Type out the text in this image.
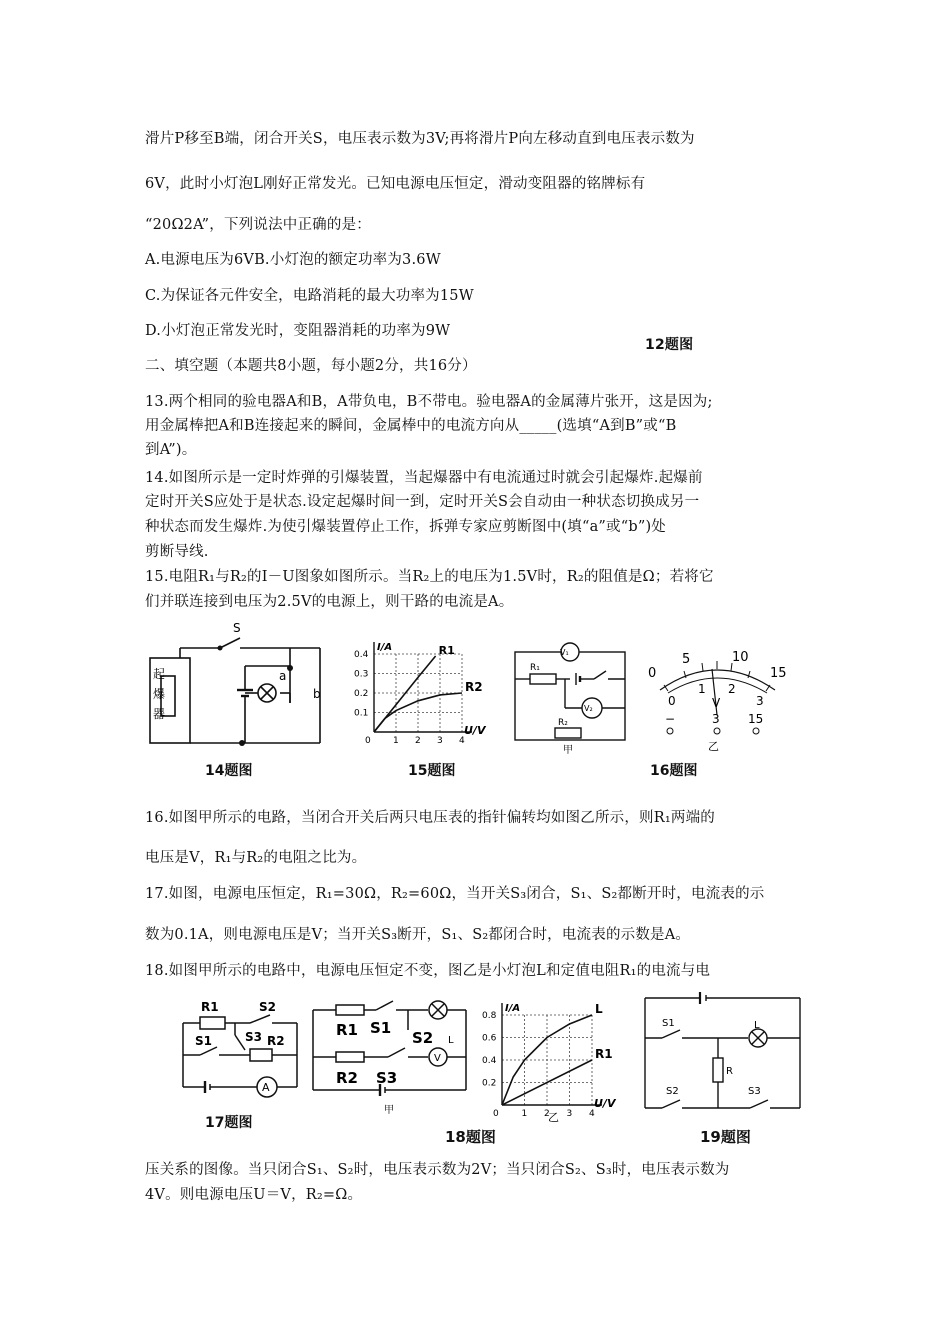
滑片P移至B端，闭合开关S，电压表示数为3V;再将滑片P向左移动直到电压表示数为
6V，此时小灯泡L刚好正常发光。已知电源电压恒定，滑动变阻器的铭牌标有
“20Ω2A”，下列说法中正确的是：
A.电源电压为6VB.小灯泡的额定功率为3.6W
C.为保证各元件安全，电路消耗的最大功率为15W
D.小灯泡正常发光时，变阻器消耗的功率为9W
12题图
二、填空题（本题共8小题，每小题2分，共16分）
13.两个相同的验电器A和B，A带负电，B不带电。验电器A的金属薄片张开，这是因为;
用金属棒把A和B连接起来的瞬间，金属棒中的电流方向从_____(选填“A到B”或“B
到A”)。
14.如图所示是一定时炸弹的引爆装置，当起爆器中有电流通过时就会引起爆炸.起爆前
定时开关S应处于是状态.设定起爆时间一到，定时开关S会自动由一种状态切换成另一
种状态而发生爆炸.为使引爆装置停止工作，拆弹专家应剪断图中(填“a”或“b”)处
剪断导线.
15.电阻R₁与R₂的I－U图象如图所示。当R₂上的电压为1.5V时，R₂的阻值是Ω；若将它
们并联连接到电压为2.5V的电源上，则干路的电流是A。
S
a
b
起
爆
器
14题图
1 2 3 4
0.1
0.2
0.3
0.4
0
U/V
I/A	R1
R2
15题图
V₁
V₂
R₁
R₂
甲
0
5	10
15
0
1 2
3
V
−	3 15
乙
16题图
16.如图甲所示的电路，当闭合开关后两只电压表的指针偏转均如图乙所示，则R₁两端的
电压是V，R₁与R₂的电阻之比为。
17.如图，电源电压恒定，R₁=30Ω，R₂=60Ω，当开关S₃闭合，S₁、S₂都断开时，电流表的示
数为0.1A，则电源电压是V；当开关S₃断开，S₁、S₂都闭合时，电流表的示数是A。
18.如图甲所示的电路中，电源电压恒定不变，图乙是小灯泡L和定值电阻R₁的电流与电
R1	S2
S3 R2
S1
A
17题图
R1 S1
S2 L
R2 S3
V
甲	1 2 3 4
0.2
0.4
0.6
0.8
0
U/V
I/A	L
R1
乙
18题图
S1	L
R
S2	S3
19题图
压关系的图像。当只闭合S₁、S₂时，电压表示数为2V；当只闭合S₂、S₃时，电压表示数为
4V。则电源电压U＝V，R₂=Ω。
